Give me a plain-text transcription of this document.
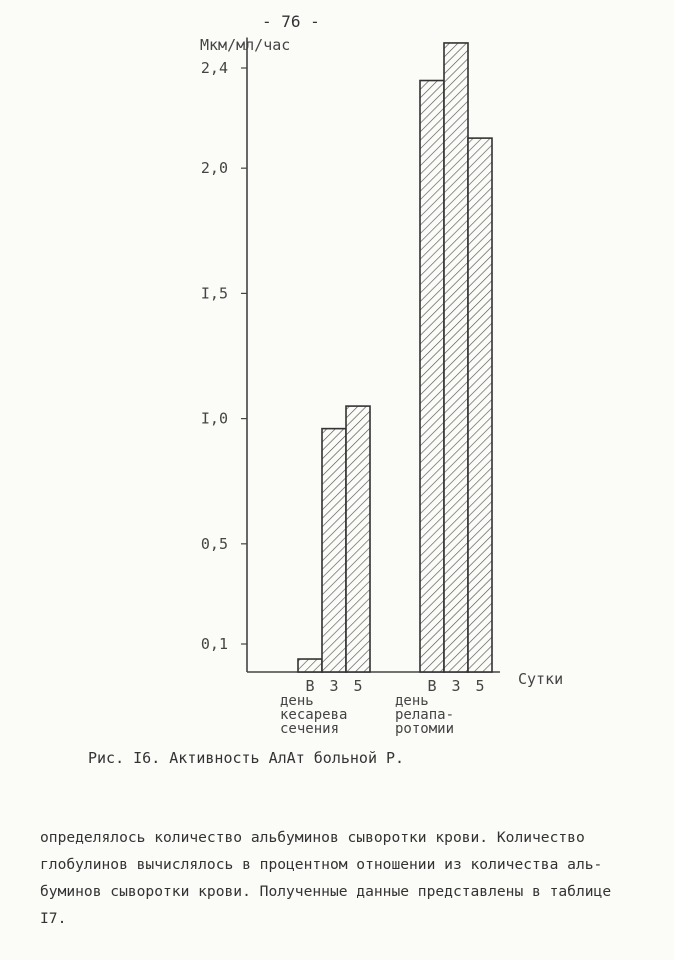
- 76 -
Мкм/мл/час
Сутки
0,1
0,5
I,0
I,5
2,0
2,4
В 3 5
день
кесарева
сечения
В 3 5
день
релапа-
ротомии
Рис. I6. Активность АлАт больной Р.
определялось количество альбуминов сыворотки крови. Количество
глобулинов вычислялось в процентном отношении из количества аль-
буминов сыворотки крови. Полученные данные представлены в таблице
I7.
